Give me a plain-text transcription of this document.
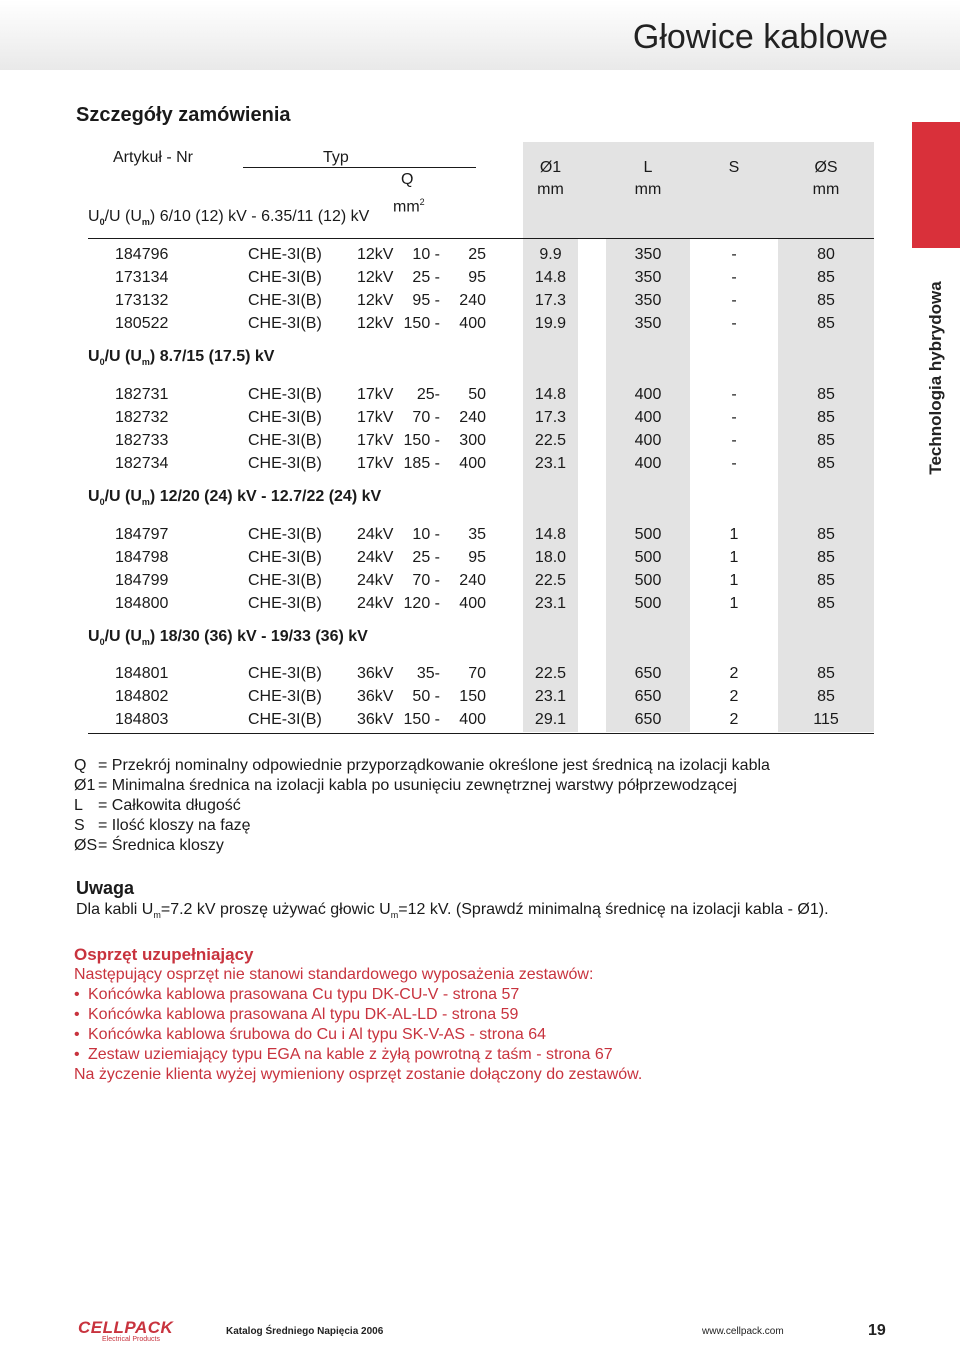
Głowice kablowe
Szczegóły zamówienia
Technologia hybrydowa
Artykuł - Nr	Typ
Q
$mm^2$
Ø1
mm
L
mm
S	ØS
mm
$U_0/U$ $(U_m)$ 6/10 (12) kV - 6.35/11 (12) kV
184796	CHE-3I(B) 12kV	10 -	25	9.9	350	-	80
173134	CHE-3I(B) 12kV	25 -	95	14.8	350	-	85
173132	CHE-3I(B) 12kV	95 -	240	17.3	350	-	85
180522	CHE-3I(B) 12kV 150 -	400	19.9	350	-	85
$U_0/U$ $(U_m)$ 8.7/15 (17.5) kV
182731	CHE-3I(B) 17kV	25-	50	14.8	400	-	85
182732	CHE-3I(B) 17kV	70 -	240	17.3	400	-	85
182733	CHE-3I(B) 17kV 150 -	300	22.5	400	-	85
182734	CHE-3I(B) 17kV 185 -	400	23.1	400	-	85
$U_0/U$ $(U_m)$ 12/20 (24) kV - 12.7/22 (24) kV
184797	CHE-3I(B) 24kV	10 -	35	14.8	500	1	85
184798	CHE-3I(B) 24kV	25 -	95	18.0	500	1	85
184799	CHE-3I(B) 24kV	70 -	240	22.5	500	1	85
184800	CHE-3I(B) 24kV 120 -	400	23.1	500	1	85
$U_0/U$ $(U_m)$ 18/30 (36) kV - 19/33 (36) kV
184801	CHE-3I(B) 36kV	35-	70	22.5	650	2	85
184802	CHE-3I(B) 36kV	50 -	150	23.1	650	2	85
184803	CHE-3I(B) 36kV 150 -	400	29.1	650	2	115
Q = Przekrój nominalny odpowiednie przyporządkowanie określone jest średnicą na izolacji kabla
Ø1 = Minimalna średnica na izolacji kabla po usunięciu zewnętrznej warstwy półprzewodzącej
L = Całkowita długość
S = Ilość kloszy na fazę
ØS= Średnica kloszy
Uwaga
Dla kabli $U_m=7.2$ kV proszę używać głowic $U_m=12$ kV. (Sprawdź minimalną średnicę na izolacji kabla - Ø1).
Osprzęt uzupełniający
Następujący osprzęt nie stanowi standardowego wyposażenia zestawów:
• Końcówka kablowa prasowana Cu typu DK-CU-V - strona 57
• Końcówka kablowa prasowana Al typu DK-AL-LD - strona 59
• Końcówka kablowa śrubowa do Cu i Al typu SK-V-AS - strona 64
• Zestaw uziemiający typu EGA na kable z żyłą powrotną z taśm - strona 67
Na życzenie klienta wyżej wymieniony osprzęt zostanie dołączony do zestawów.
CELLPACK
Electrical Products
Katalog Średniego Napięcia 2006	www.cellpack.com	19
